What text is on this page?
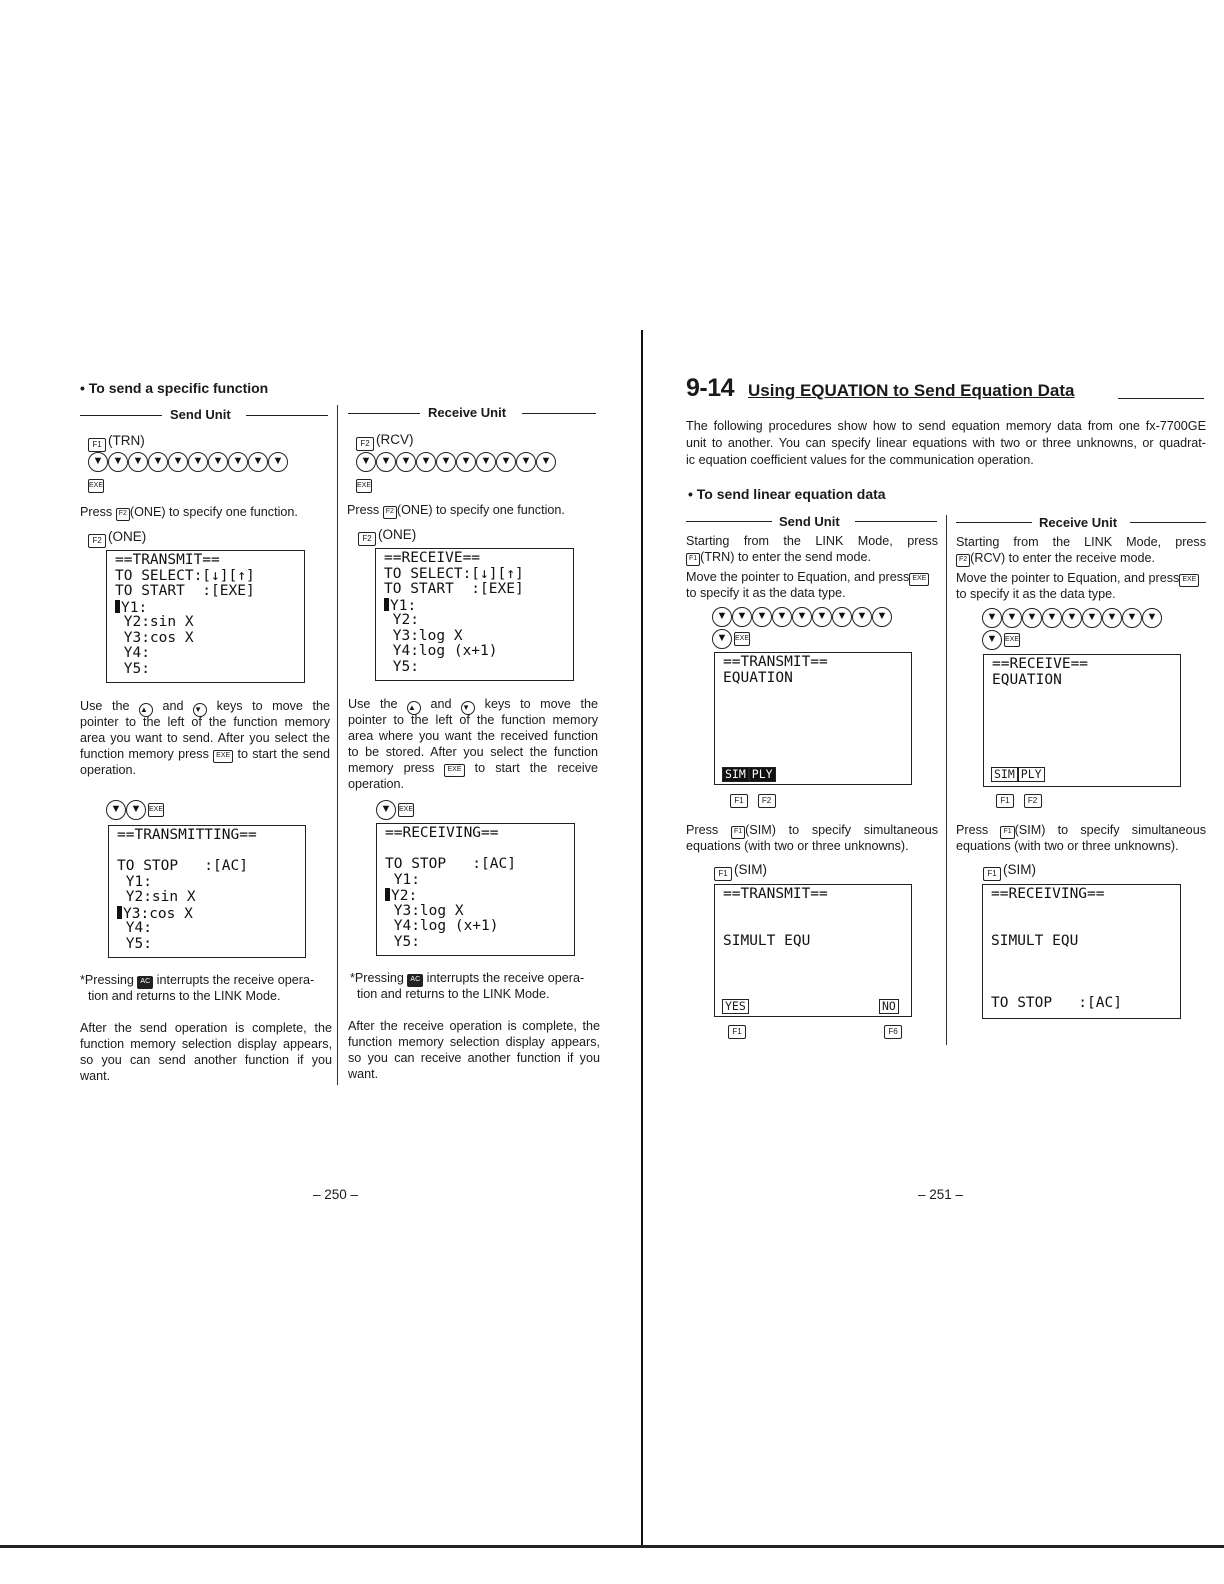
• To send a specific function
Send Unit	Receive Unit
F1 (TRN)
▼ ▼ ▼ ▼ ▼ ▼ ▼ ▼ ▼ ▼
EXE
Press F2 (ONE) to specify one function.
F2 (ONE)
==TRANSMIT==
TO SELECT:[↓][↑]
TO START  :[EXE]
Y1:
Y2:sin X
Y3:cos X
Y4:
Y5:
Use the ▲ and ▼ keys to move the
pointer to the left of the function memory
area you want to send. After you select the
function memory press EXE to start the send
operation.
▼ ▼	EXE
==TRANSMITTING==
TO STOP   :[AC]
Y1:
Y2:sin X
Y3:cos X
Y4:
Y5:
*Pressing AC interrupts the receive opera-
tion and returns to the LINK Mode.
After the send operation is complete, the
function memory selection display appears,
so you can send another function if you
want.
F2 (RCV)
▼ ▼ ▼ ▼ ▼ ▼ ▼ ▼ ▼ ▼
EXE
Press F2 (ONE) to specify one function.
F2 (ONE)
==RECEIVE==
TO SELECT:[↓][↑]
TO START  :[EXE]
Y1:
Y2:
Y3:log X
Y4:log (x+1)
Y5:
Use the ▲ and ▼ keys to move the
pointer to the left of the function memory
area where you want the received function
to be stored. After you select the function
memory press EXE to start the receive
operation.
▼	EXE
==RECEIVING==
TO STOP   :[AC]
Y1:
Y2:
Y3:log X
Y4:log (x+1)
Y5:
*Pressing AC interrupts the receive opera-
tion and returns to the LINK Mode.
After the receive operation is complete, the
function memory selection display appears,
so you can receive another function if you
want.
– 250 –
9-14 Using EQUATION to Send Equation Data
The following procedures show how to send equation memory data from one fx-7700GE
unit to another. You can specify linear equations with two or three unknowns, or quadrat-
ic equation coefficient values for the communication operation.
• To send linear equation data
Send Unit	Receive Unit
Starting from the LINK Mode, press
F1 (TRN) to enter the send mode.
Move the pointer to Equation, and press EXE
to specify it as the data type.
▼ ▼ ▼ ▼ ▼ ▼ ▼ ▼ ▼
▼	EXE
==TRANSMIT==
EQUATION
SIM PLY
F1 F2
Press F1 (SIM) to specify simultaneous
equations (with two or three unknowns).
F1 (SIM)
==TRANSMIT==
SIMULT EQU
YES	NO
F1	F6
Starting from the LINK Mode, press
F2 (RCV) to enter the receive mode.
Move the pointer to Equation, and press EXE
to specify it as the data type.
▼ ▼ ▼ ▼ ▼ ▼ ▼ ▼ ▼
▼	EXE
==RECEIVE==
EQUATION
SIM PLY
F1 F2
Press F1 (SIM) to specify simultaneous
equations (with two or three unknowns).
F1 (SIM)
==RECEIVING==
SIMULT EQU
TO STOP   :[AC]
– 251 –
